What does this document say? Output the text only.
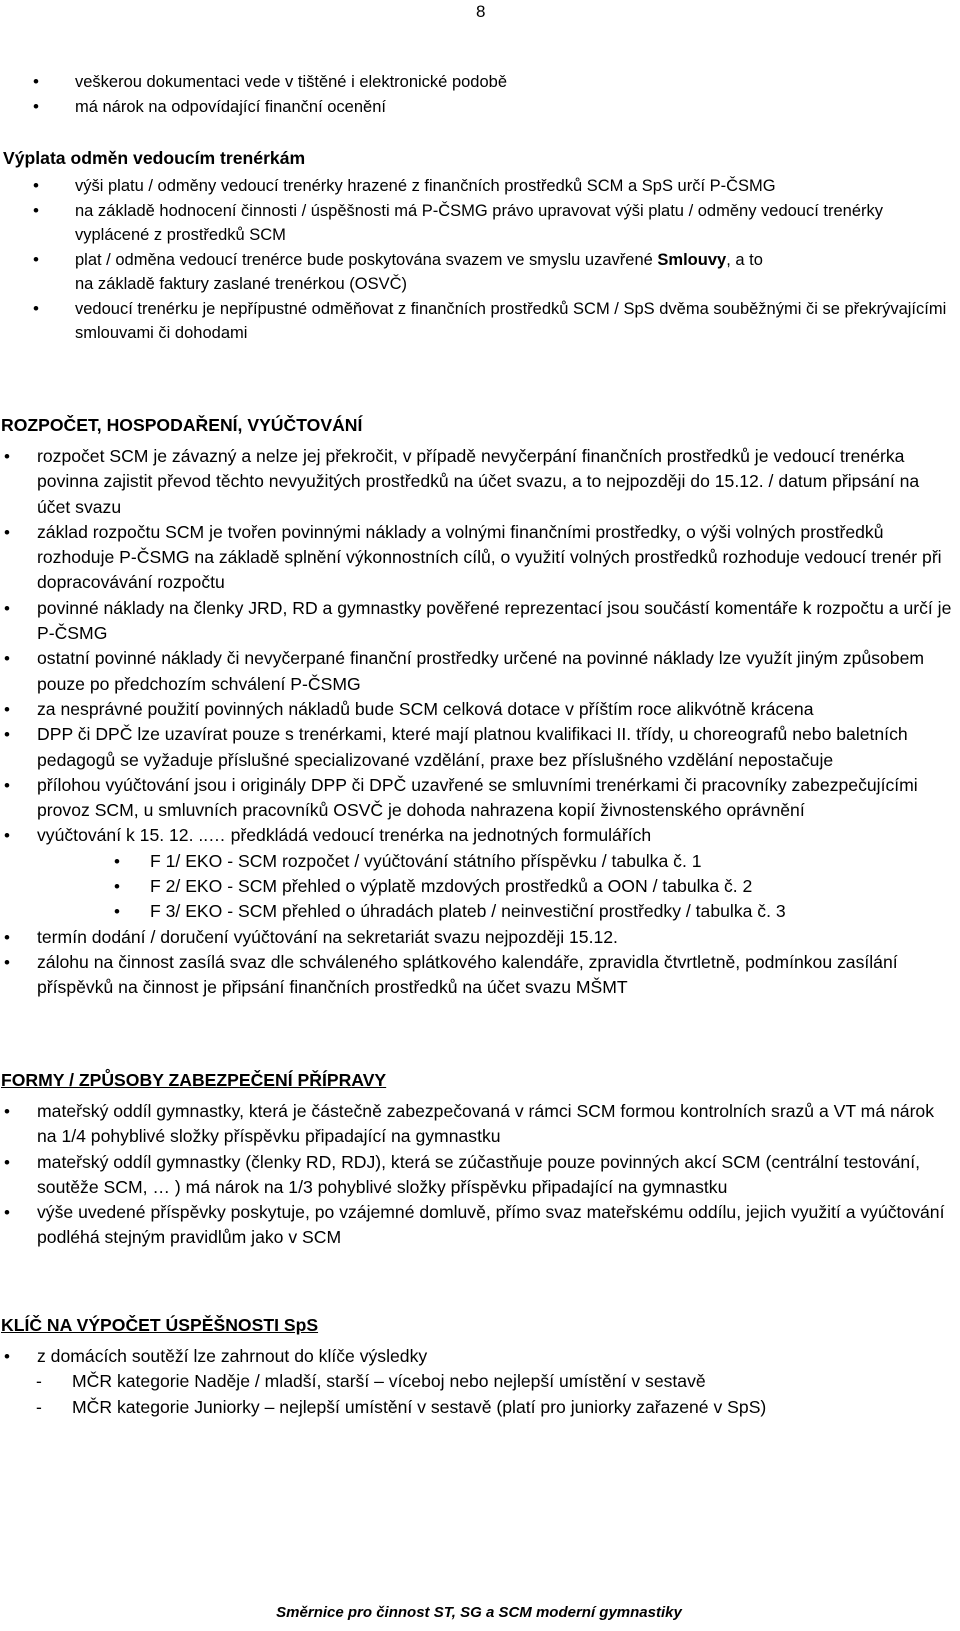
8
• veškerou dokumentaci vede v tištěné i elektronické podobě
• má nárok na odpovídající finanční ocenění
Výplata odměn vedoucím trenérkám
• výši platu / odměny vedoucí trenérky hrazené z finančních prostředků SCM a SpS určí P-ČSMG
• na základě hodnocení činnosti / úspěšnosti má P-ČSMG právo upravovat výši platu / odměny vedoucí trenérky vyplácené z prostředků SCM
• plat / odměna vedoucí trenérce bude poskytována svazem ve smyslu uzavřené Smlouvy, a to
na základě faktury zaslané trenérkou (OSVČ)
• vedoucí trenérku je nepřípustné odměňovat z finančních prostředků SCM / SpS dvěma souběžnými či se překrývajícími smlouvami či dohodami
ROZPOČET, HOSPODAŘENÍ, VYÚČTOVÁNÍ
• rozpočet SCM je závazný a nelze jej překročit, v případě nevyčerpání finančních prostředků je vedoucí trenérka povinna zajistit převod těchto nevyužitých prostředků na účet svazu, a to nejpozději do 15.12. / datum připsání na účet svazu
• základ rozpočtu SCM je tvořen povinnými náklady a volnými finančními prostředky, o výši volných prostředků rozhoduje P-ČSMG na základě splnění výkonnostních cílů, o využití volných prostředků rozhoduje vedoucí trenér při dopracovávání rozpočtu
• povinné náklady na členky JRD, RD a gymnastky pověřené reprezentací jsou součástí komentáře k rozpočtu a určí je P-ČSMG
• ostatní povinné náklady či nevyčerpané finanční prostředky určené na povinné náklady lze využít jiným způsobem pouze po předchozím schválení P-ČSMG
• za nesprávné použití povinných nákladů bude SCM celková dotace v příštím roce alikvótně krácena
• DPP či DPČ lze uzavírat pouze s trenérkami, které mají platnou kvalifikaci II. třídy, u choreografů nebo baletních pedagogů se vyžaduje příslušné specializované vzdělání, praxe bez příslušného vzdělání nepostačuje
• přílohou vyúčtování jsou i originály DPP či DPČ uzavřené se smluvními trenérkami či pracovníky zabezpečujícími provoz SCM, u smluvních pracovníků OSVČ je dohoda nahrazena kopií živnostenského oprávnění
• vyúčtování k 15. 12. ..… předkládá vedoucí trenérka na jednotných formulářích
• F 1/ EKO - SCM rozpočet / vyúčtování státního příspěvku / tabulka č. 1
• F 2/ EKO - SCM přehled o výplatě mzdových prostředků a OON / tabulka č. 2
• F 3/ EKO - SCM přehled o úhradách plateb / neinvestiční prostředky / tabulka č. 3
• termín dodání / doručení vyúčtování na sekretariát svazu nejpozději 15.12.
• zálohu na činnost zasílá svaz dle schváleného splátkového kalendáře, zpravidla čtvrtletně, podmínkou zasílání příspěvků na činnost je připsání finančních prostředků na účet svazu MŠMT
FORMY / ZPŮSOBY ZABEZPEČENÍ PŘÍPRAVY
• mateřský oddíl gymnastky, která je částečně zabezpečovaná v rámci SCM formou kontrolních srazů a VT má nárok na 1/4 pohyblivé složky příspěvku připadající na gymnastku
• mateřský oddíl gymnastky (členky RD, RDJ), která se zúčastňuje pouze povinných akcí SCM (centrální testování, soutěže SCM, … ) má nárok na 1/3 pohyblivé složky příspěvku připadající na gymnastku
• výše uvedené příspěvky poskytuje, po vzájemné domluvě, přímo svaz mateřskému oddílu, jejich využití a vyúčtování podléhá stejným pravidlům jako v SCM
KLÍČ NA VÝPOČET ÚSPĚŠNOSTI SpS
• z domácích soutěží lze zahrnout do klíče výsledky
- MČR kategorie Naděje / mladší, starší – víceboj nebo nejlepší umístění v sestavě
- MČR kategorie Juniorky – nejlepší umístění v sestavě (platí pro juniorky zařazené v SpS)
Směrnice pro činnost ST, SG a SCM moderní gymnastiky
